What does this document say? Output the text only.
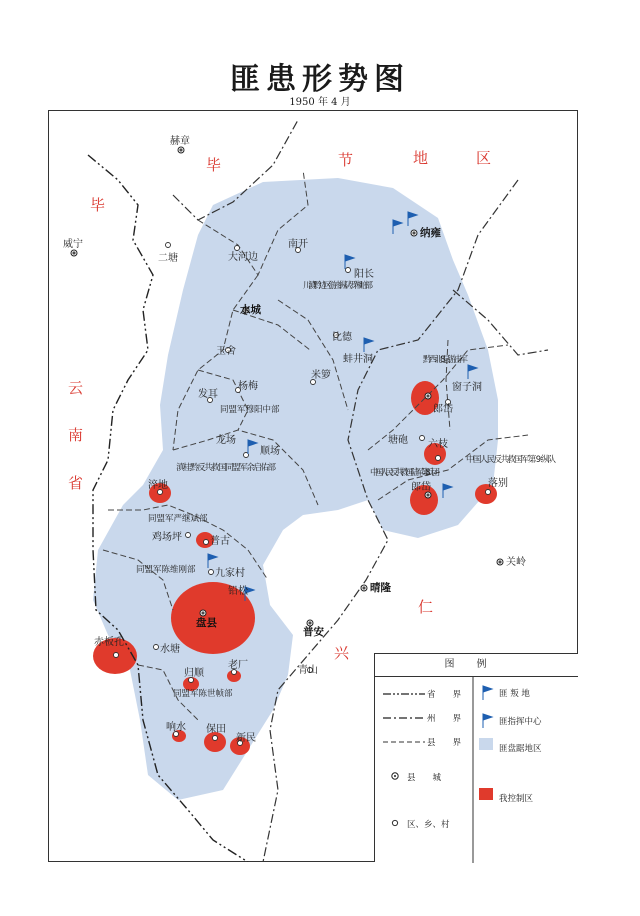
匪患形势图
1950 年 4 月
毕	节	地	区
毕
云
南
省
兴
仁
赫章
威宁
二塘	大河边
南开
纳雍
阳长
川滇黔边区游击纵队罗湘培部
水城
比德
蚌井洞
玉舍
米箩
黔西北 8 县游击军
窗子洞
发耳
杨梅
同盟军穆阳中部	郎岱
龙场
顺场
滇桂黔反共救国同盟军余启佑部
塘砲 六枝
中国人民反共救国军第 9 纵队
中国人民反共救国陆军第 8 兵团
郎岱	落别
淬地
同盟军严继斌部
鸡场坪	普古
同盟军陈维刚部 九家村
关岭
晴隆
铅松
盘县
普安
青山
赤板孔
水塘
归顺
老厂
同盟军陈世帧部
响水 保田
新民
图例
省　　界
州　　界
县　　界
县　　城
区、乡、村
匪 叛 地
匪指挥中心
匪盘踞地区
我控制区
